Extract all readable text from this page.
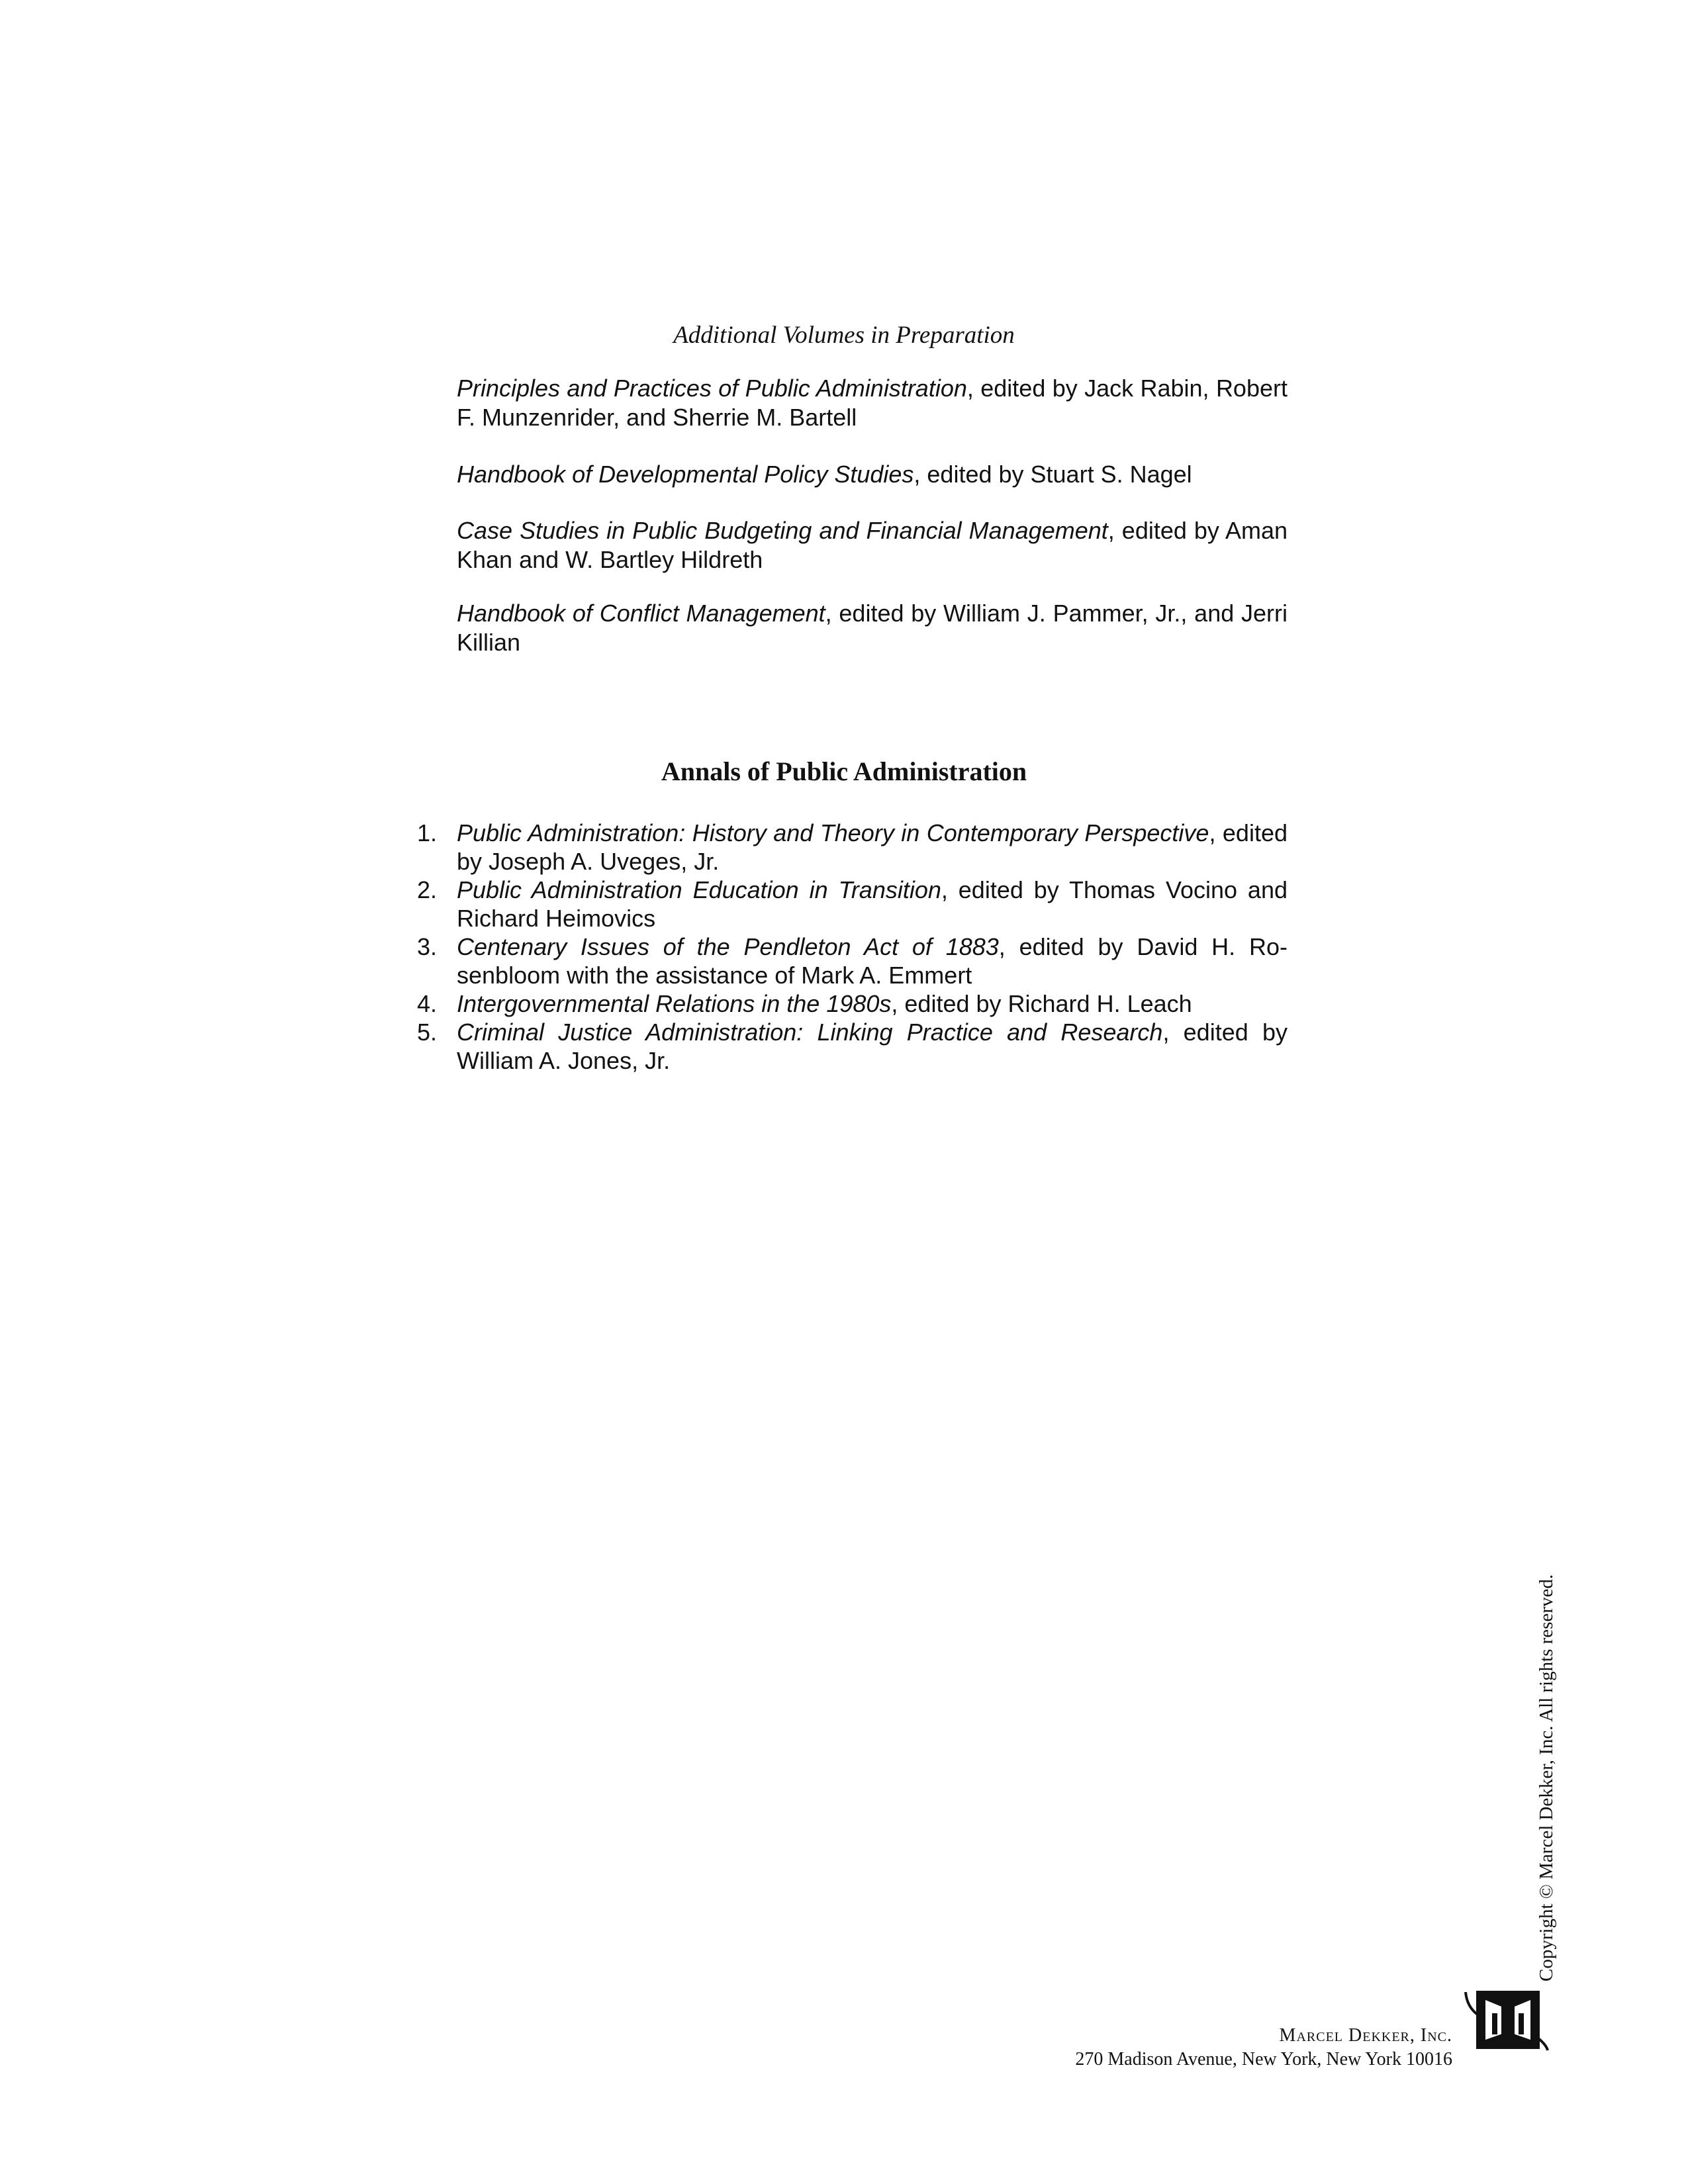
Additional Volumes in Preparation

Principles and Practices of Public Administration, edited by Jack Rabin, Robert F. Munzenrider, and Sherrie M. Bartell

Handbook of Developmental Policy Studies, edited by Stuart S. Nagel

Case Studies in Public Budgeting and Financial Management, edited by Aman Khan and W. Bartley Hildreth

Handbook of Conflict Management, edited by William J. Pammer, Jr., and Jerri Killian

Annals of Public Administration
1. Public Administration: History and Theory in Contemporary Perspective, edited by Joseph A. Uveges, Jr.
2. Public Administration Education in Transition, edited by Thomas Vocino and Richard Heimovics
3. Centenary Issues of the Pendleton Act of 1883, edited by David H. Ro-senbloom with the assistance of Mark A. Emmert
4. Intergovernmental Relations in the 1980s, edited by Richard H. Leach
5. Criminal Justice Administration: Linking Practice and Research, edited by William A. Jones, Jr.
Copyright © Marcel Dekker, Inc. All rights reserved.
Marcel Dekker, Inc.
270 Madison Avenue, New York, New York 10016
